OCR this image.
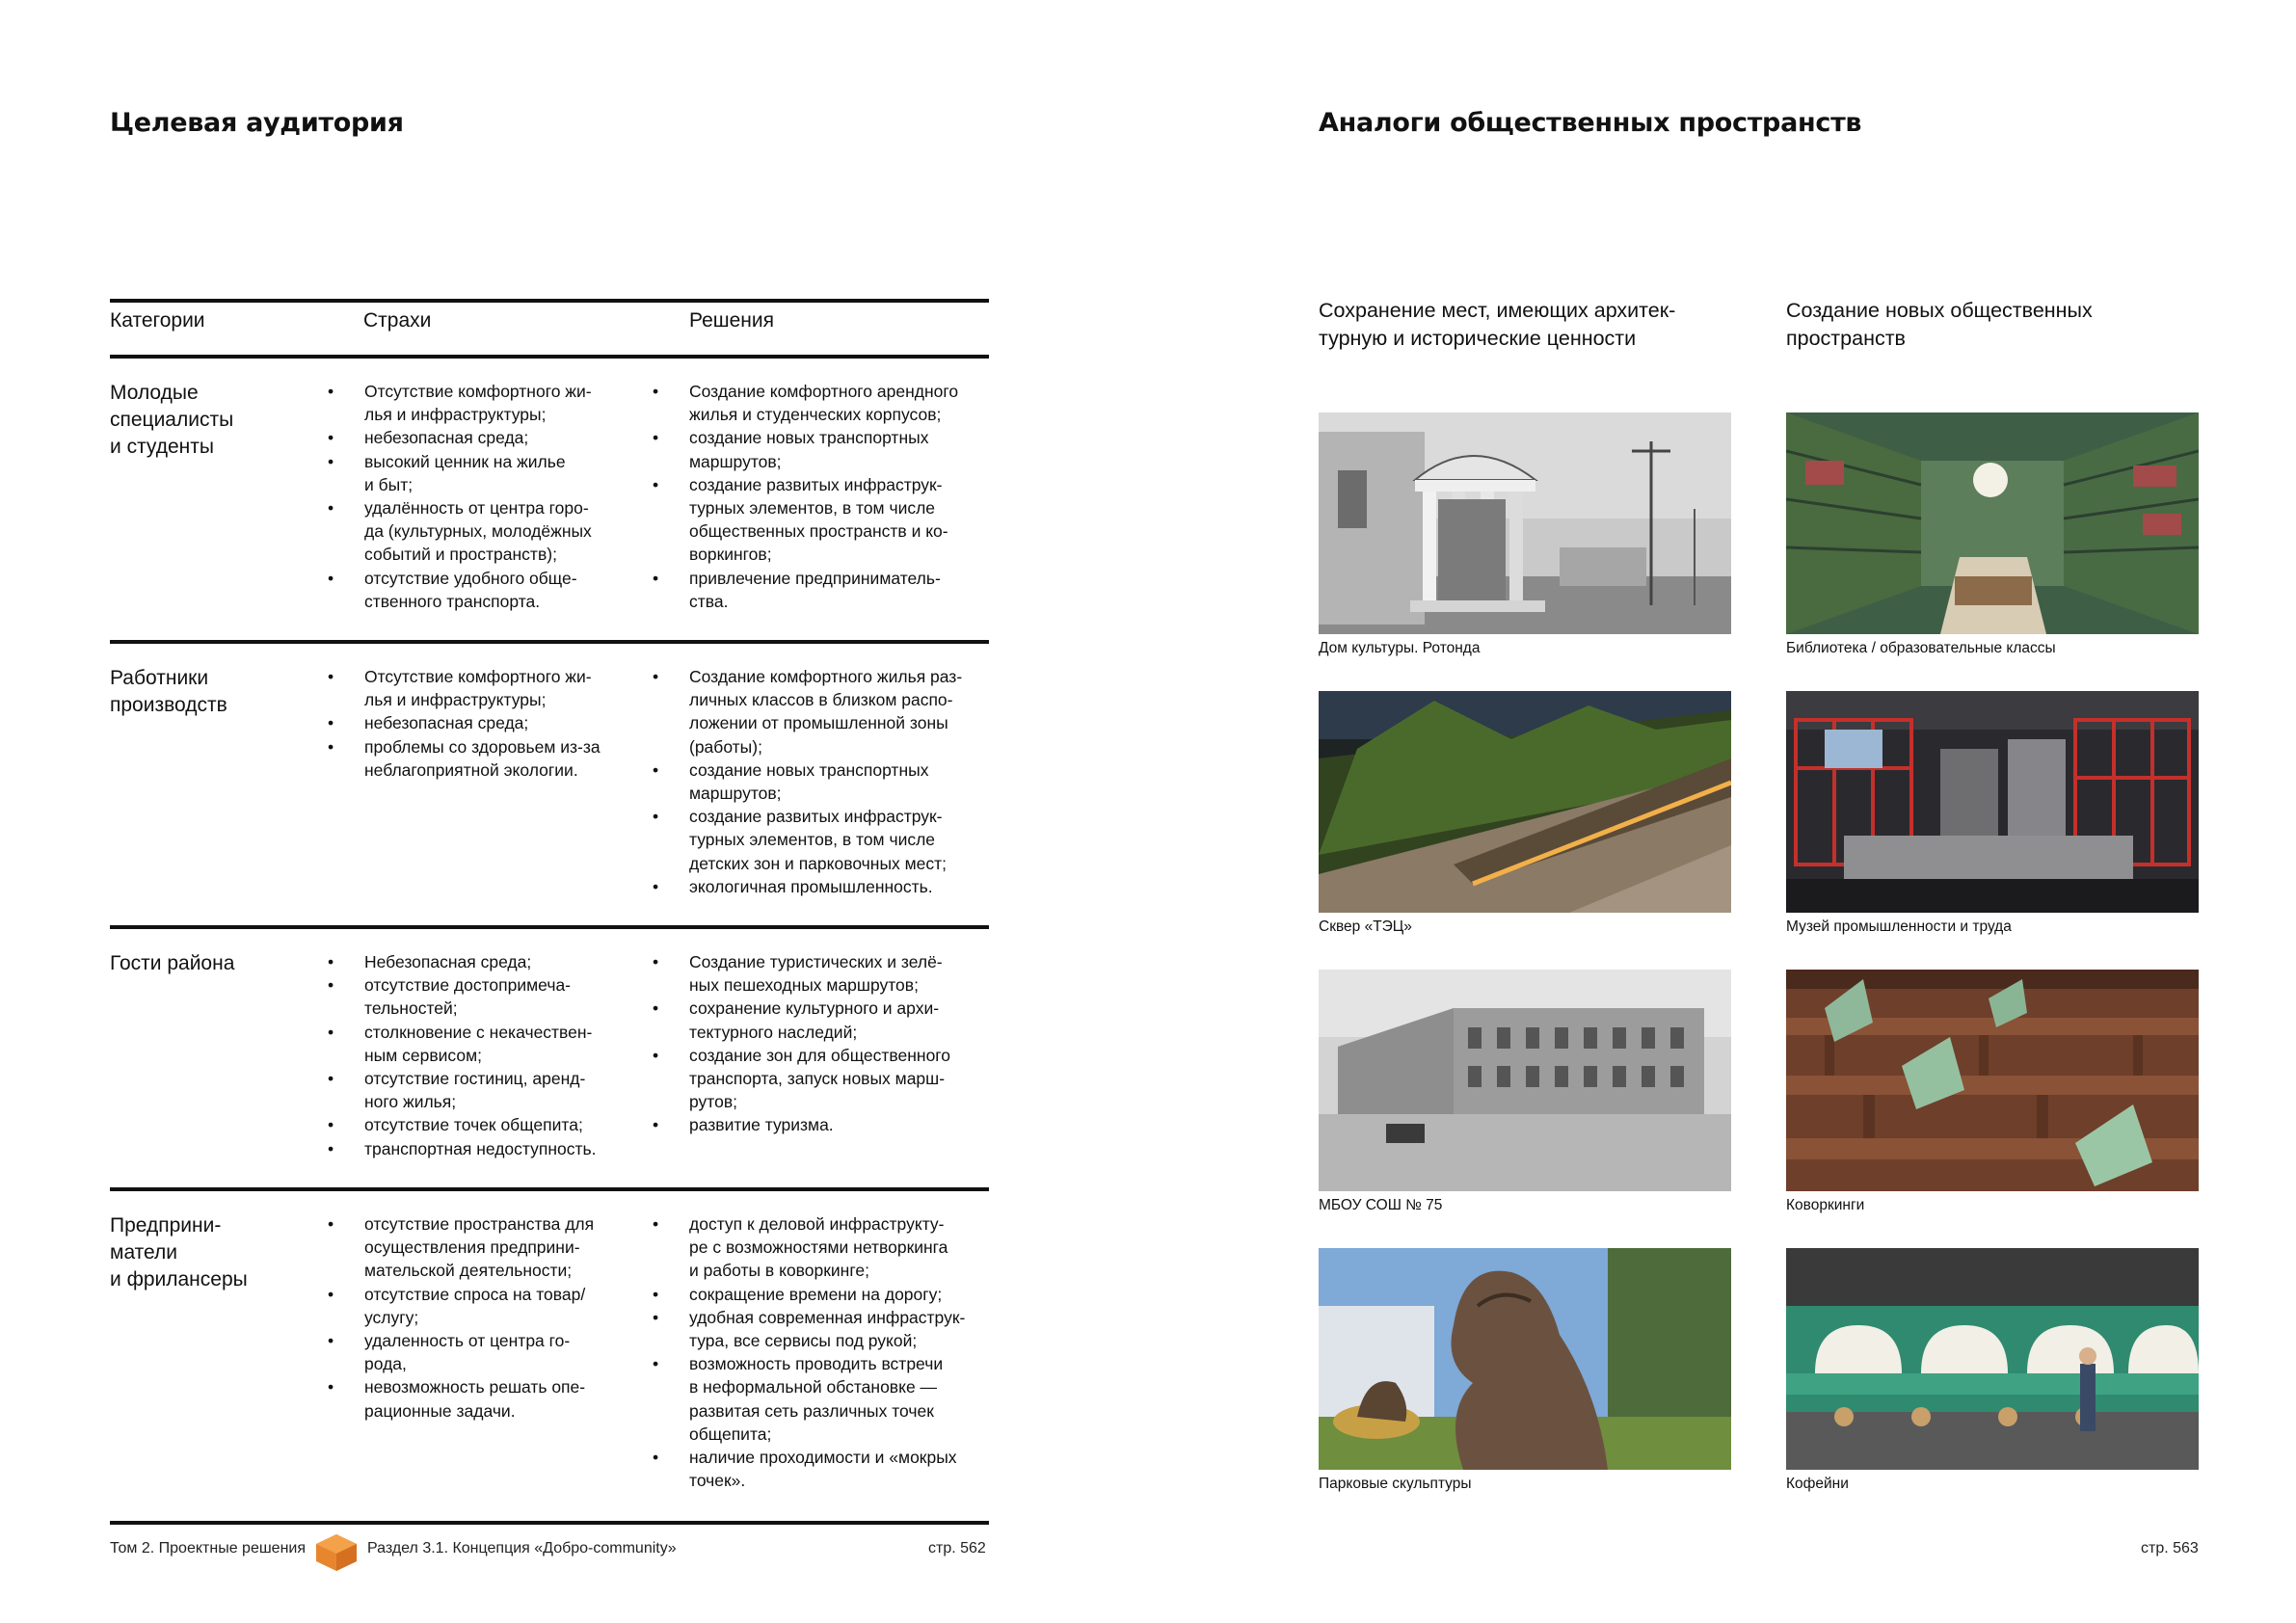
Целевая аудитория
Категории	Страхи	Решения
Молодые
специалисты
и студенты
• Отсутствие комфортного жи-
лья и инфраструктуры;
• небезопасная среда;
• высокий ценник на жилье
и быт;
• удалённость от центра горо-
да (культурных, молодёжных
событий и пространств);
• отсутствие удобного обще-
ственного транспорта.
• Создание комфортного арендного
жилья и студенческих корпусов;
• создание новых транспортных
маршрутов;
• создание развитых инфраструк-
турных элементов, в том числе
общественных пространств и ко-
воркингов;
• привлечение предприниматель-
ства.
Работники
производств
• Отсутствие комфортного жи-
лья и инфраструктуры;
• небезопасная среда;
• проблемы со здоровьем из-за
неблагоприятной экологии.
• Создание комфортного жилья раз-
личных классов в близком распо-
ложении от промышленной зоны
(работы);
• создание новых транспортных
маршрутов;
• создание развитых инфраструк-
турных элементов, в том числе
детских зон и парковочных мест;
• экологичная промышленность.
Гости района
•	Небезопасная среда;
• отсутствие достопримеча-
тельностей;
• столкновение с некачествен-
ным сервисом;
• отсутствие гостиниц, аренд-
ного жилья;
• отсутствие точек общепита;
• транспортная недоступность.
• Создание туристических и зелё-
ных пешеходных маршрутов;
• сохранение культурного и архи-
тектурного наследий;
• создание зон для общественного
транспорта, запуск новых марш-
рутов;
• развитие туризма.
Предприни-
матели
и фрилансеры
• отсутствие пространства для
осуществления предприни-
мательской деятельности;
• отсутствие спроса на товар/
услугу;
• удаленность от центра го-
рода,
• невозможность решать опе-
рационные задачи.
• доступ к деловой инфраструкту-
ре с возможностями нетворкинга
и работы в коворкинге;
• сокращение времени на дорогу;
• удобная современная инфраструк-
тура, все сервисы под рукой;
• возможность проводить встречи
в неформальной обстановке —
развитая сеть различных точек
общепита;
• наличие проходимости и «мокрых
точек».
Том 2. Проектные решения	Раздел 3.1. Концепция «Добро-community»	стр. 562
Аналоги общественных пространств

Сохранение мест, имеющих архитек-
турную и исторические ценности

Создание новых общественных
пространств

Дом культуры. Ротонда
Сквер «ТЭЦ»
МБОУ СОШ № 75
Парковые скульптуры
Библиотека / образовательные классы
Музей промышленности и труда
Коворкинги
Кофейни
стр. 563
